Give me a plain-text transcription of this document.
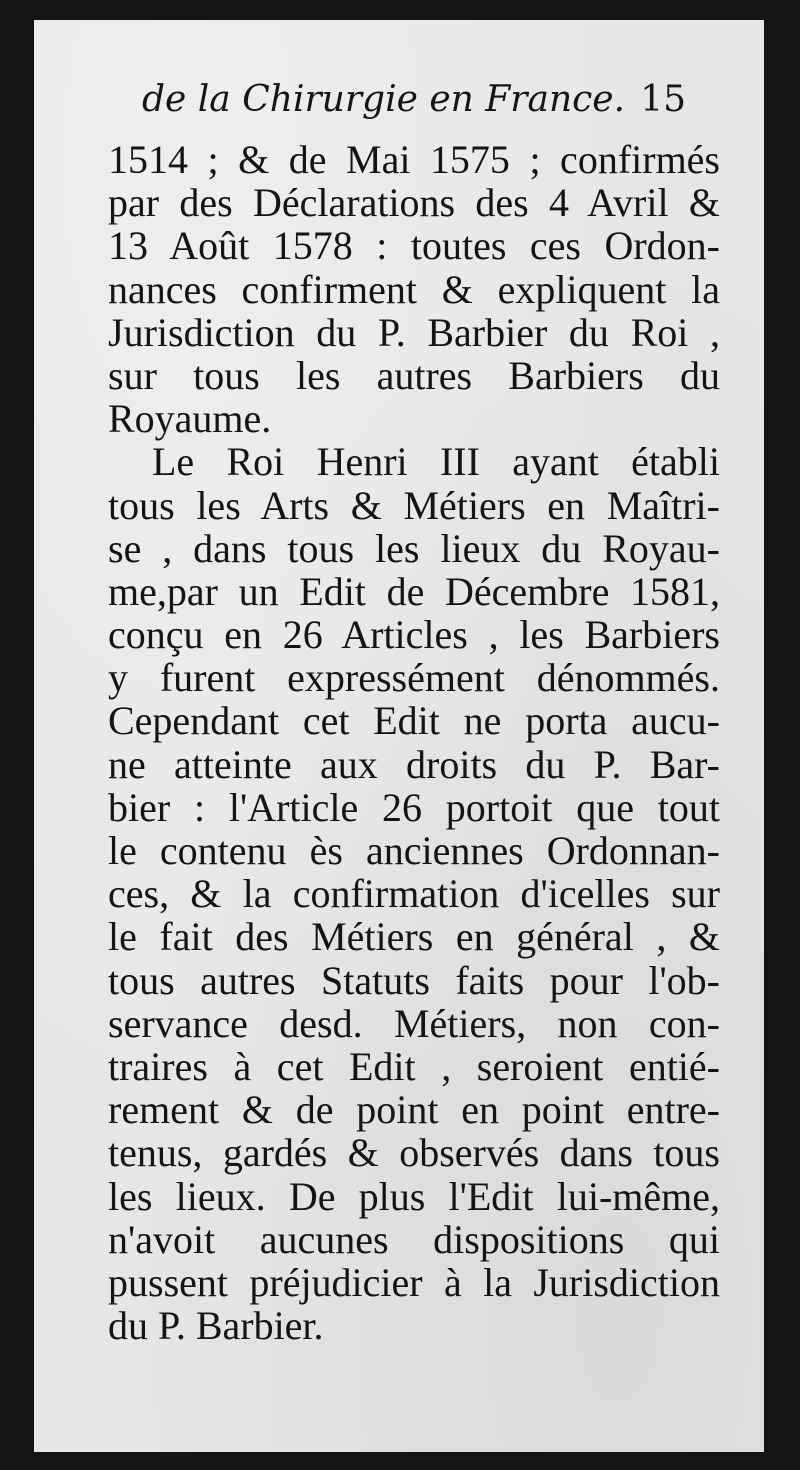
de la Chirurgie en France. 15
1514 ; & de Mai 1575 ; confirmés
par des Déclarations des 4 Avril &
13 Août 1578 : toutes ces Ordon-
nances confirment & expliquent la
Jurisdiction du P. Barbier du Roi ,
sur tous les autres Barbiers du
Royaume.
Le Roi Henri III ayant établi
tous les Arts & Métiers en Maîtri-
se , dans tous les lieux du Royau-
me,par un Edit de Décembre 1581,
conçu en 26 Articles , les Barbiers
y furent expressément dénommés.
Cependant cet Edit ne porta aucu-
ne atteinte aux droits du P. Bar-
bier : l'Article 26 portoit que tout
le contenu ès anciennes Ordonnan-
ces, & la confirmation d'icelles sur
le fait des Métiers en général , &
tous autres Statuts faits pour l'ob-
servance desd. Métiers, non con-
traires à cet Edit , seroient entié-
rement & de point en point entre-
tenus, gardés & observés dans tous
les lieux. De plus l'Edit lui-même,
n'avoit aucunes dispositions qui
pussent préjudicier à la Jurisdiction
du P. Barbier.
